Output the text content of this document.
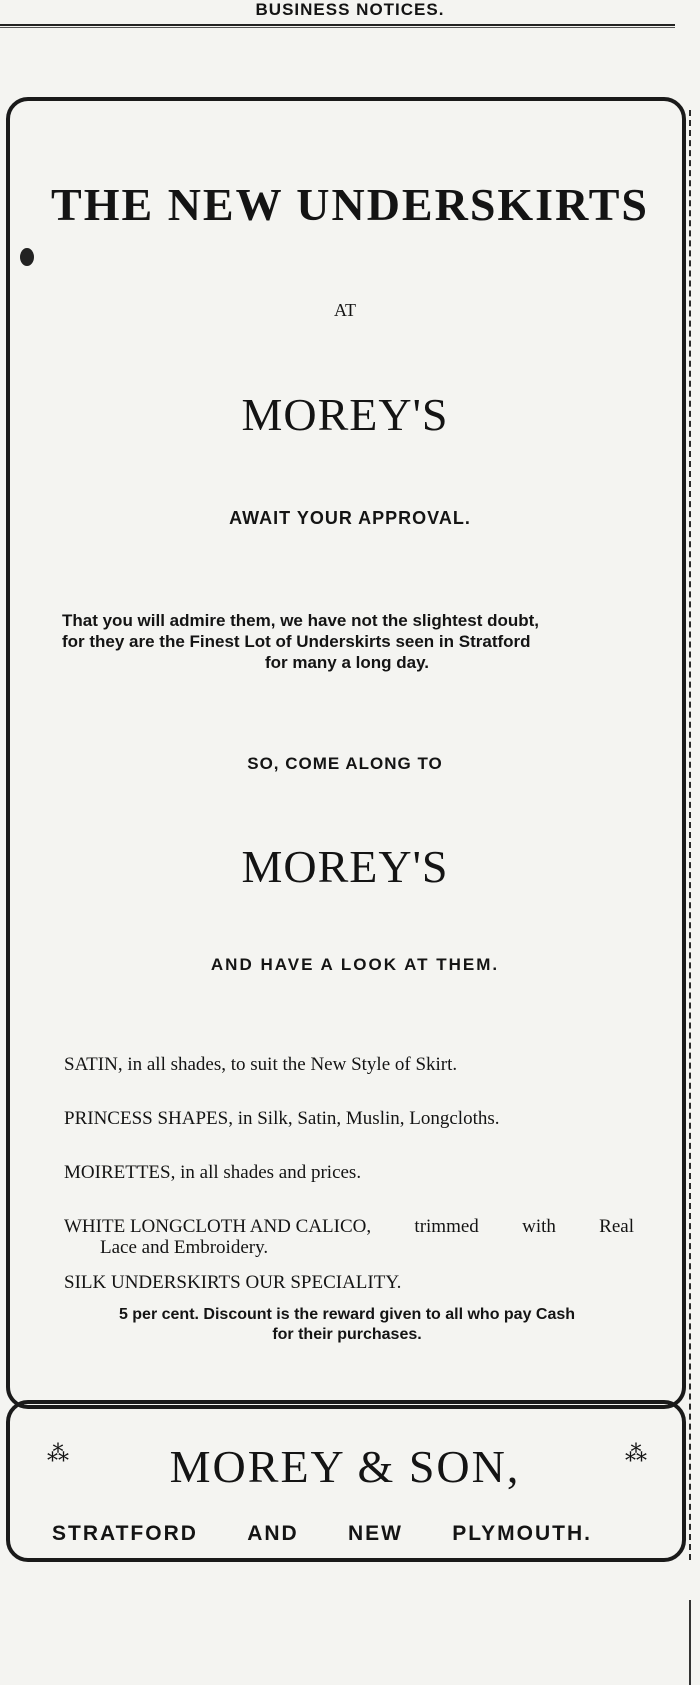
BUSINESS NOTICES.
THE NEW UNDERSKIRTS
AT
MOREY'S
AWAIT YOUR APPROVAL.
That you will admire them, we have not the slightest doubt,
for they are the Finest Lot of Underskirts seen in Stratford
for many a long day.
SO, COME ALONG TO
MOREY'S
AND HAVE A LOOK AT THEM.
SATIN, in all shades, to suit the New Style of Skirt.
PRINCESS SHAPES, in Silk, Satin, Muslin, Longcloths.
MOIRETTES, in all shades and prices.
WHITE LONGCLOTH AND CALICO, trimmed with Real
Lace and Embroidery.
SILK UNDERSKIRTS OUR SPECIALITY.
5 per cent. Discount is the reward given to all who pay Cash
for their purchases.
⁂	MOREY & SON,	⁂
STRATFORD AND NEW PLYMOUTH.
